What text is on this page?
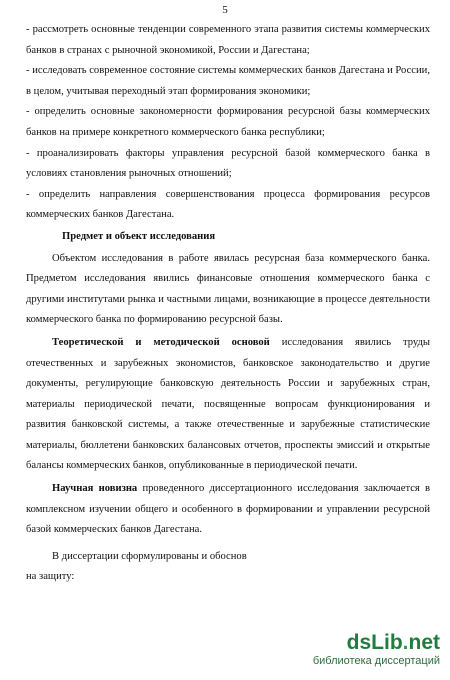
5

- рассмотреть основные тенденции современного этапа развития системы коммерческих банков в странах с рыночной экономикой, России и Дагестана;

- исследовать современное состояние системы коммерческих банков Дагестана и России, в целом, учитывая переходный этап формирования экономики;

- определить основные закономерности формирования ресурсной базы коммерческих банков на примере конкретного коммерческого банка республики;

- проанализировать факторы управления ресурсной базой коммерческого банка в условиях становления рыночных отношений;

- определить направления совершенствования процесса формирования ресурсов коммерческих банков Дагестана.

Предмет и объект исследования

Объектом исследования в работе явилась ресурсная база коммерческого банка. Предметом исследования явились финансовые отношения коммерческого банка с другими институтами рынка и частными лицами, возникающие в процессе деятельности коммерческого банка по формированию ресурсной базы.

Теоретической и методической основой исследования явились труды отечественных и зарубежных экономистов, банковское законодательство и другие документы, регулирующие банковскую деятельность России и зарубежных стран, материалы периодической печати, посвященные вопросам функционирования и развития банковской системы, а также отечественные и зарубежные статистические материалы, бюллетени банковских балансовых отчетов, проспекты эмиссий и открытые балансы коммерческих банков, опубликованные в периодической печати.

Научная новизна проведенного диссертационного исследования заключается в комплексном изучении общего и особенного в формировании и управлении ресурсной базой коммерческих банков Дагестана.

В диссертации сформулированы и обоснов

на защиту:

dsLib.net
библиотека диссертаций
